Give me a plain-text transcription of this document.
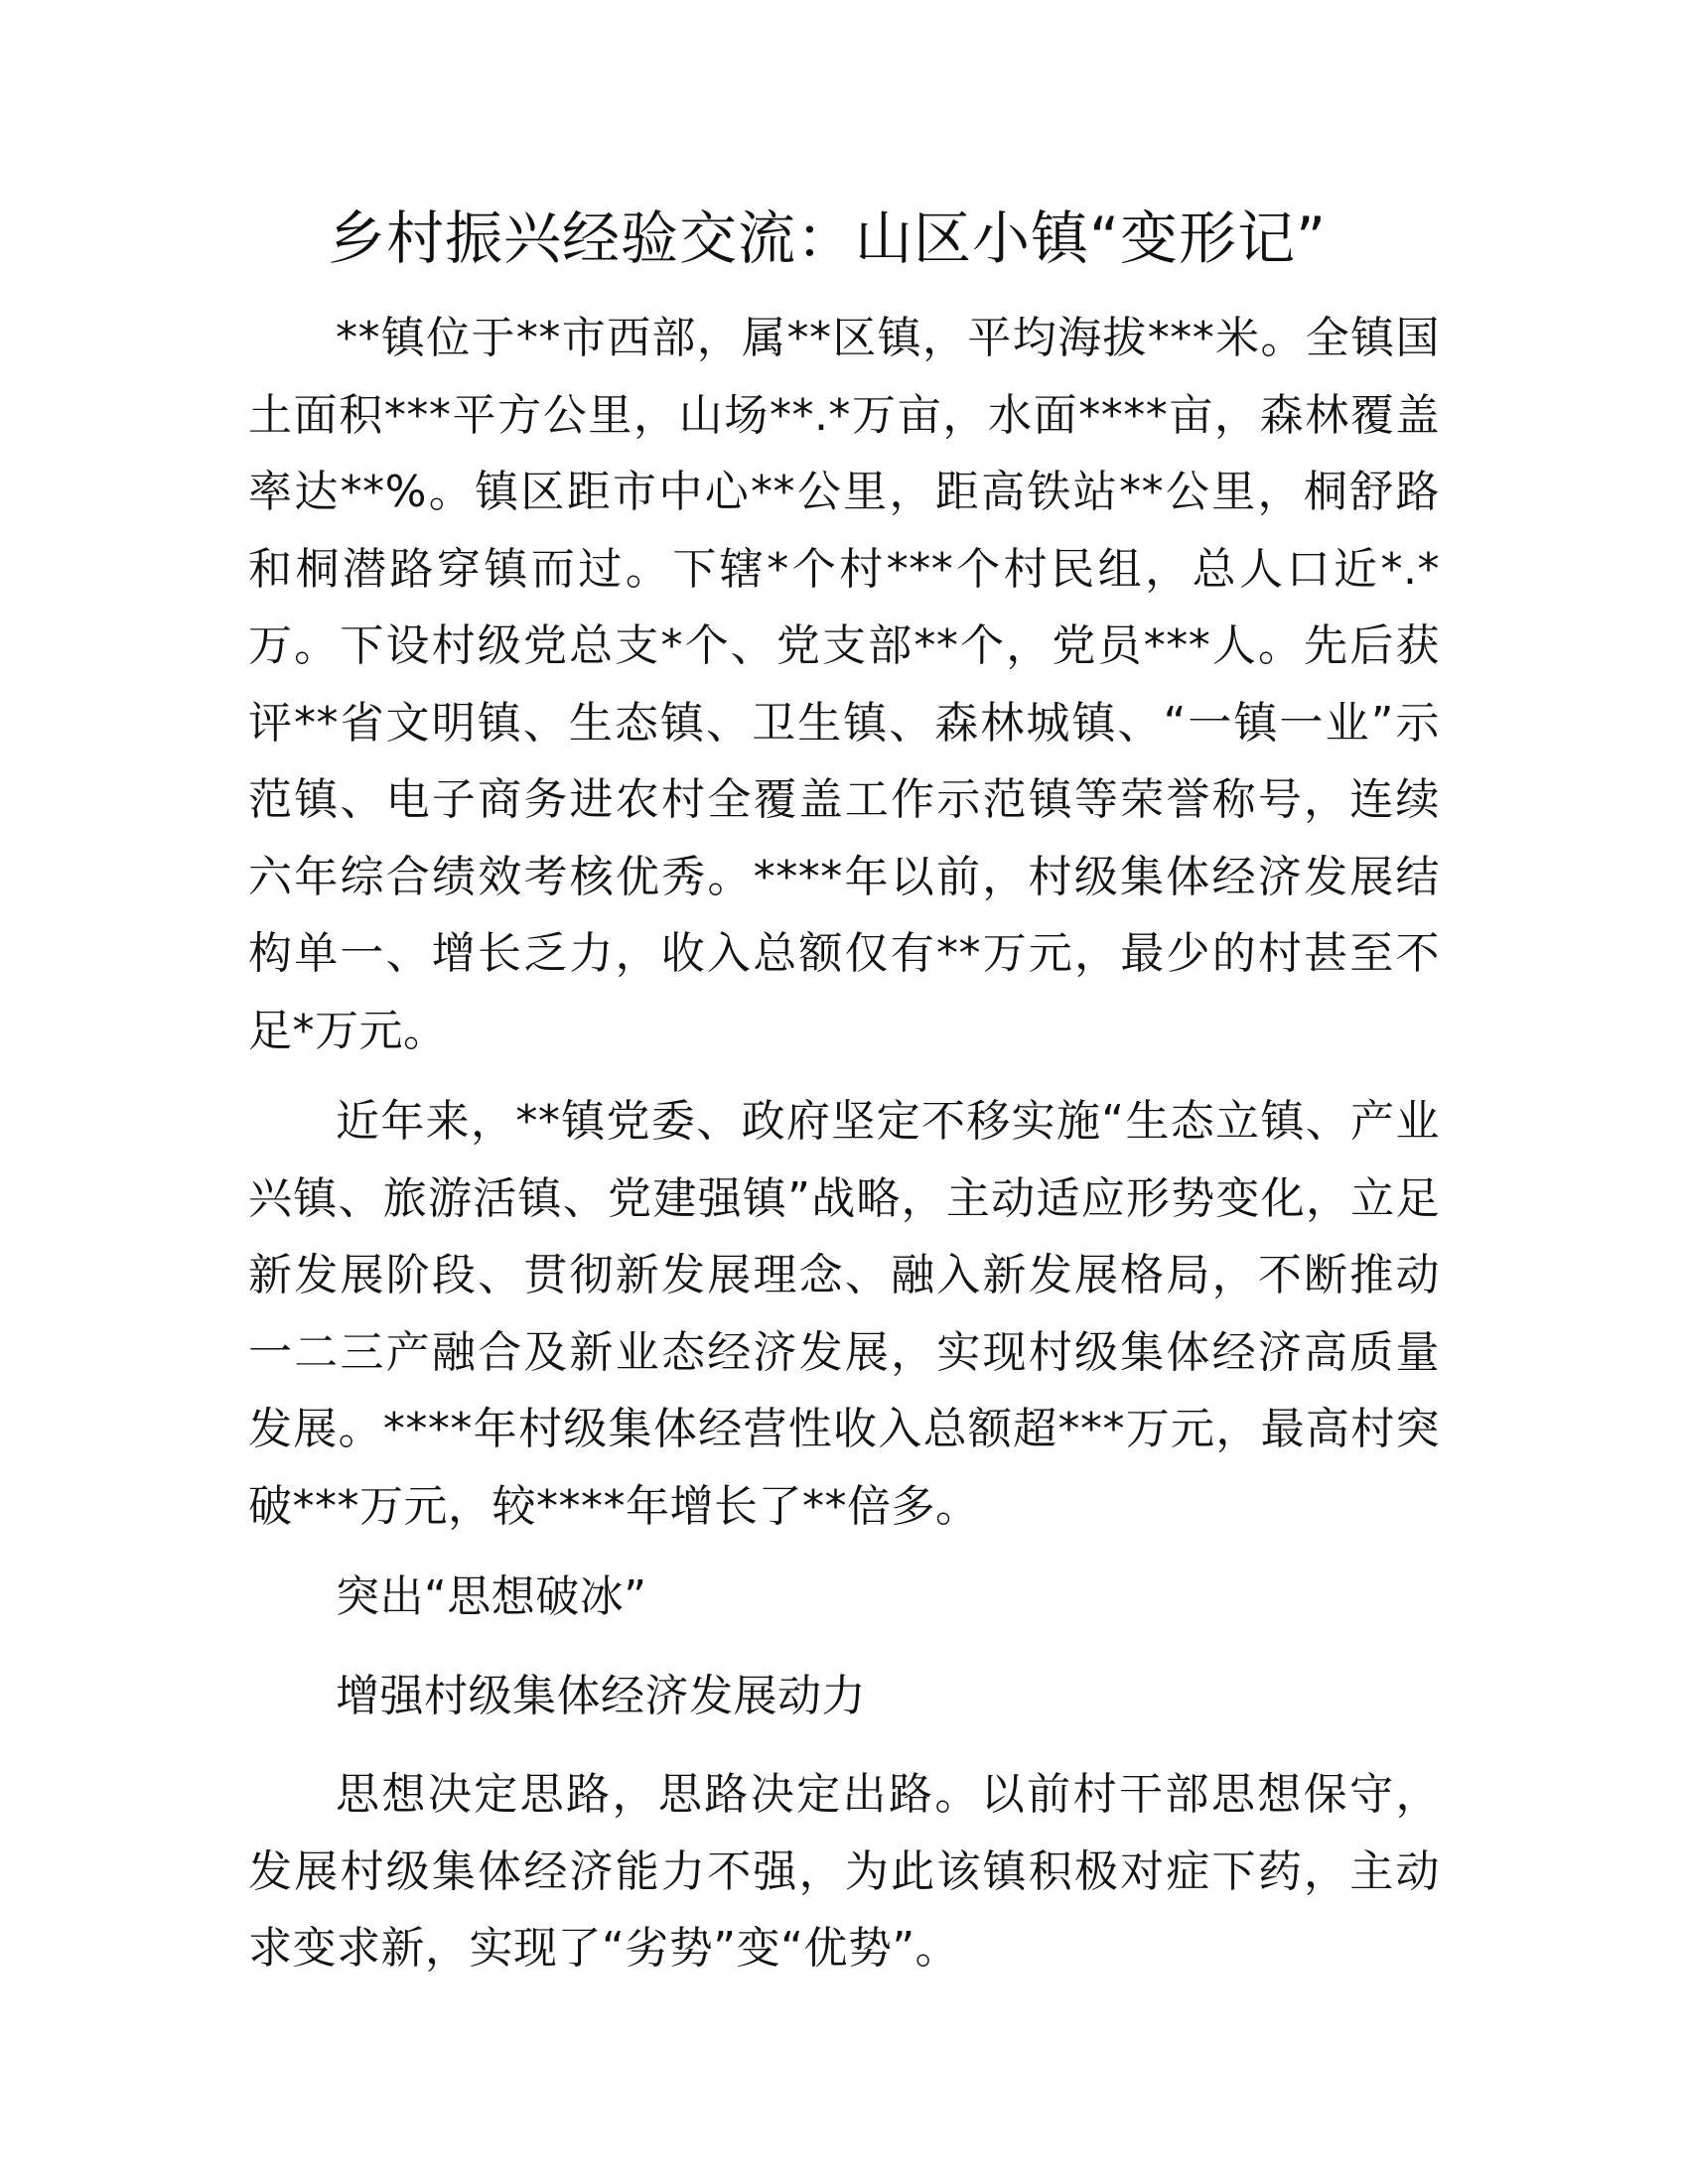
乡村振兴经验交流：山区小镇“变形记”

**镇位于**市西部，属**区镇，平均海拔***米。全镇国土面积***平方公里，山场**.*万亩，水面****亩，森林覆盖率达**%。镇区距市中心**公里，距高铁站**公里，桐舒路和桐潜路穿镇而过。下辖*个村***个村民组，总人口近*.*万。下设村级党总支*个、党支部**个，党员***人。先后获评**省文明镇、生态镇、卫生镇、森林城镇、“一镇一业”示范镇、电子商务进农村全覆盖工作示范镇等荣誉称号，连续六年综合绩效考核优秀。****年以前，村级集体经济发展结构单一、增长乏力，收入总额仅有**万元，最少的村甚至不足*万元。

近年来，**镇党委、政府坚定不移实施“生态立镇、产业兴镇、旅游活镇、党建强镇”战略，主动适应形势变化，立足新发展阶段、贯彻新发展理念、融入新发展格局，不断推动一二三产融合及新业态经济发展，实现村级集体经济高质量发展。****年村级集体经营性收入总额超***万元，最高村突破***万元，较****年增长了**倍多。

突出“思想破冰”

增强村级集体经济发展动力

思想决定思路，思路决定出路。以前村干部思想保守，发展村级集体经济能力不强，为此该镇积极对症下药，主动求变求新，实现了“劣势”变“优势”。
